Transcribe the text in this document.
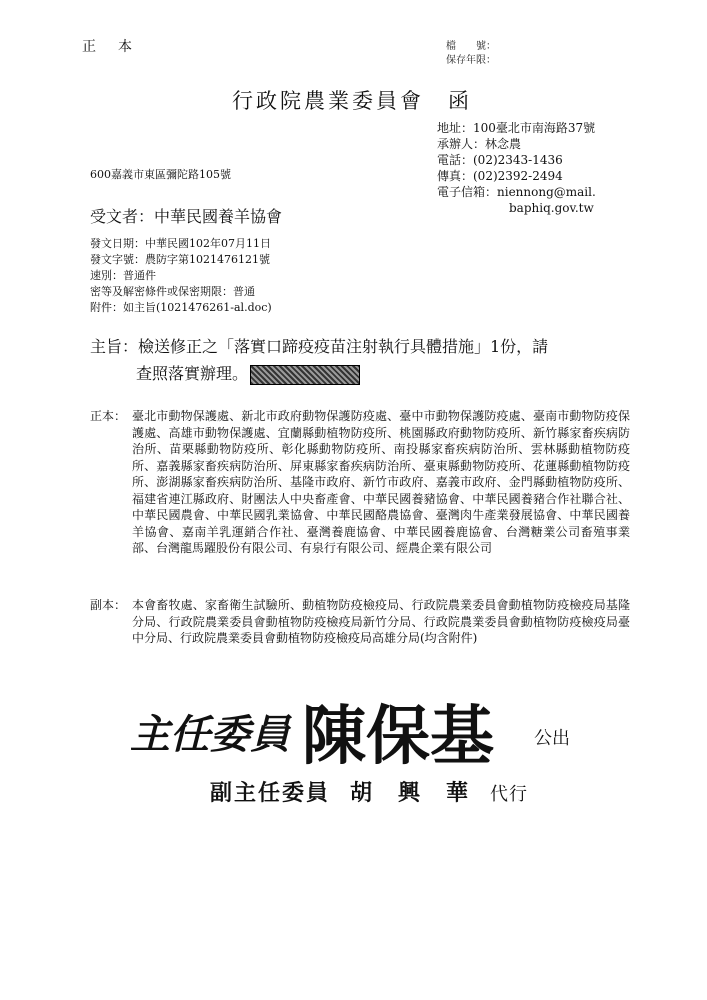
正　本	檔　　號：
保存年限：
行政院農業委員會　函
地址：100臺北市南海路37號
承辦人：林念農
電話：(02)2343-1436
傳真：(02)2392-2494
電子信箱：niennong@mail.
baphiq.gov.tw
600嘉義市東區彌陀路105號
受文者：中華民國養羊協會
發文日期：中華民國102年07月11日
發文字號：農防字第1021476121號
速別：普通件
密等及解密條件或保密期限：普通
附件：如主旨(1021476261-al.doc)
主旨：檢送修正之「落實口蹄疫疫苗注射執行具體措施」1份，請
查照落實辦理。
正本： 臺北市動物保護處、新北市政府動物保護防疫處、臺中市動物保護防疫處、臺南市動物防疫保護處、高雄市動物保護處、宜蘭縣動植物防疫所、桃園縣政府動物防疫所、新竹縣家畜疾病防治所、苗栗縣動物防疫所、彰化縣動物防疫所、南投縣家畜疾病防治所、雲林縣動植物防疫所、嘉義縣家畜疾病防治所、屏東縣家畜疾病防治所、臺東縣動物防疫所、花蓮縣動植物防疫所、澎湖縣家畜疾病防治所、基隆市政府、新竹市政府、嘉義市政府、金門縣動植物防疫所、福建省連江縣政府、財團法人中央畜產會、中華民國養豬協會、中華民國養豬合作社聯合社、中華民國農會、中華民國乳業協會、中華民國酪農協會、臺灣肉牛產業發展協會、中華民國養羊協會、嘉南羊乳運銷合作社、臺灣養鹿協會、中華民國養鹿協會、台灣糖業公司畜殖事業部、台灣龍馬躍股份有限公司、有泉行有限公司、經農企業有限公司
副本： 本會畜牧處、家畜衛生試驗所、動植物防疫檢疫局、行政院農業委員會動植物防疫檢疫局基隆分局、行政院農業委員會動植物防疫檢疫局新竹分局、行政院農業委員會動植物防疫檢疫局臺中分局、行政院農業委員會動植物防疫檢疫局高雄分局(均含附件)
主任委員 陳保基 公出
副主任委員 胡　興　華 代行
